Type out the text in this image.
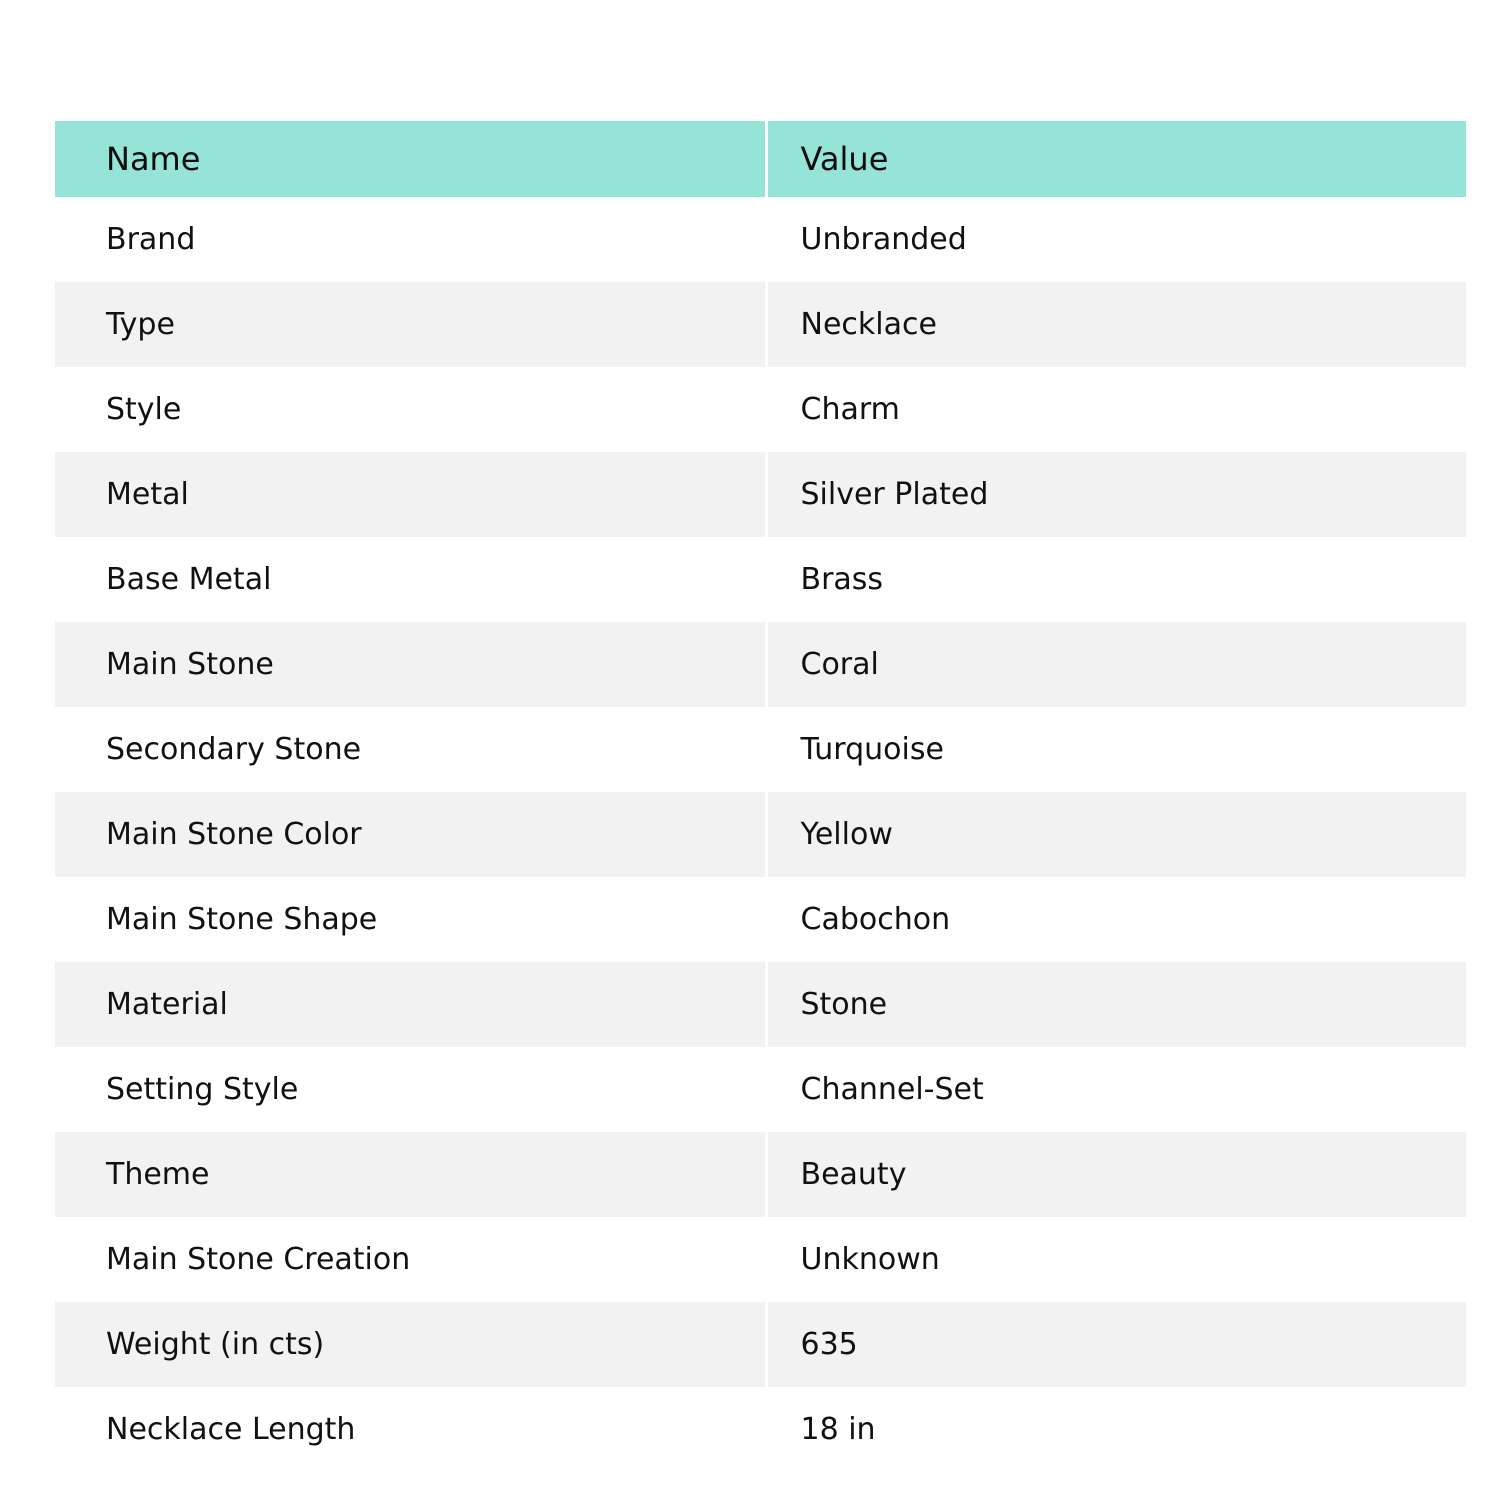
Name	Value
Brand	Unbranded
Type	Necklace
Style	Charm
Metal	Silver Plated
Base Metal	Brass
Main Stone	Coral
Secondary Stone	Turquoise
Main Stone Color	Yellow
Main Stone Shape	Cabochon
Material	Stone
Setting Style	Channel-Set
Theme	Beauty
Main Stone Creation	Unknown
Weight (in cts)	635
Necklace Length	18 in
